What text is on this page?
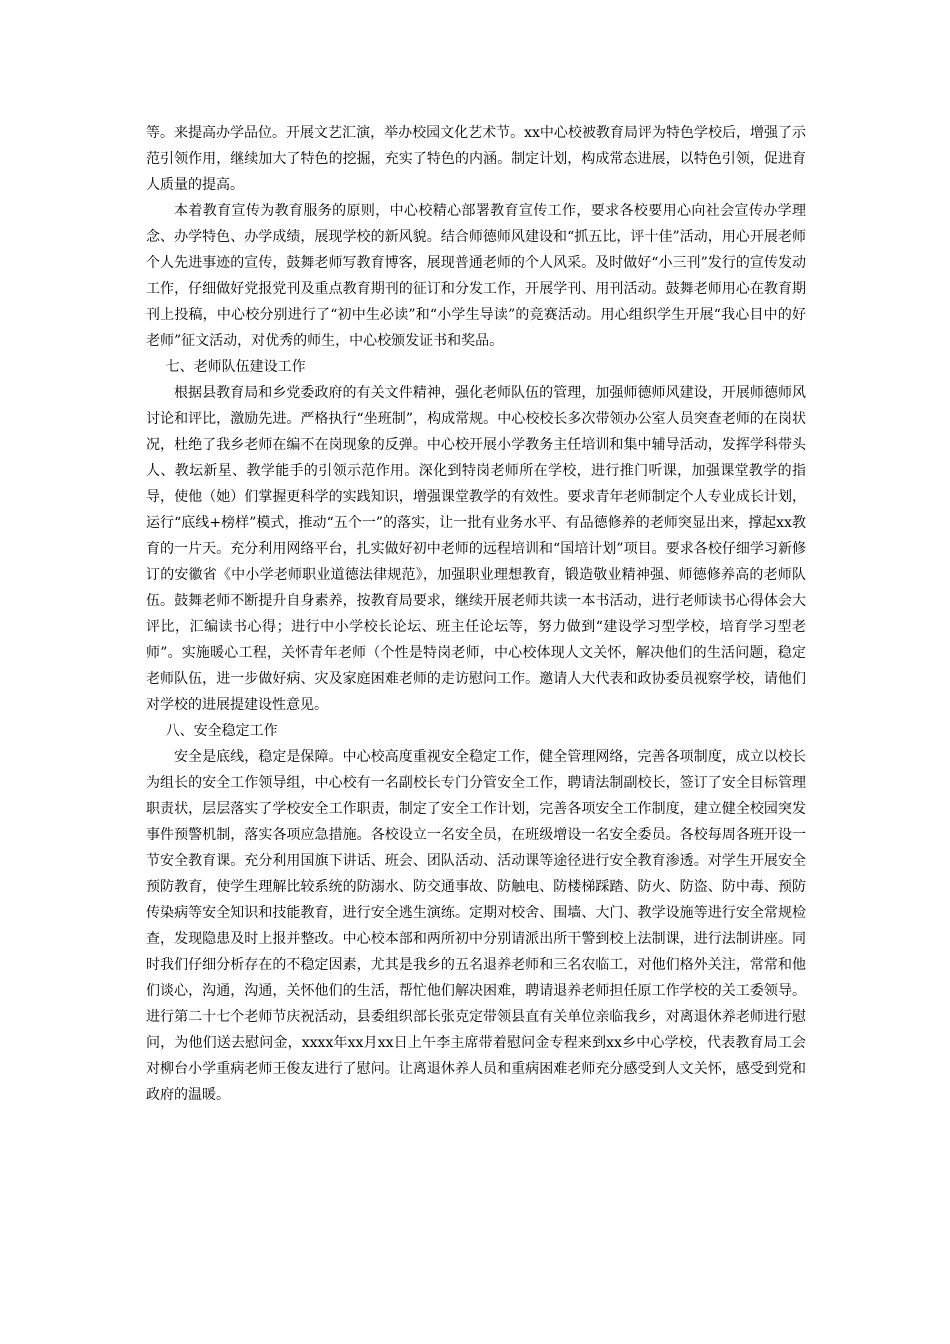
等。来提高办学品位。开展文艺汇演，举办校园文化艺术节。xx中心校被教育局评为特色学校后，增强了示范引领作用，继续加大了特色的挖掘，充实了特色的内涵。制定计划，构成常态进展，以特色引领，促进育人质量的提高。

本着教育宣传为教育服务的原则，中心校精心部署教育宣传工作，要求各校要用心向社会宣传办学理念、办学特色、办学成绩，展现学校的新风貌。结合师德师风建设和“抓五比，评十佳”活动，用心开展老师个人先进事迹的宣传，鼓舞老师写教育博客，展现普通老师的个人风采。及时做好“小三刊”发行的宣传发动工作，仔细做好党报党刊及重点教育期刊的征订和分发工作，开展学刊、用刊活动。鼓舞老师用心在教育期刊上投稿，中心校分别进行了“初中生必读”和“小学生导读”的竞赛活动。用心组织学生开展“我心目中的好老师”征文活动，对优秀的师生，中心校颁发证书和奖品。

七、老师队伍建设工作

根据县教育局和乡党委政府的有关文件精神，强化老师队伍的管理，加强师德师风建设，开展师德师风讨论和评比，激励先进。严格执行“坐班制”，构成常规。中心校校长多次带领办公室人员突查老师的在岗状况，杜绝了我乡老师在编不在岗现象的反弹。中心校开展小学教务主任培训和集中辅导活动，发挥学科带头人、教坛新星、教学能手的引领示范作用。深化到特岗老师所在学校，进行推门听课，加强课堂教学的指导，使他（她）们掌握更科学的实践知识，增强课堂教学的有效性。要求青年老师制定个人专业成长计划，运行“底线+榜样”模式，推动“五个一”的落实，让一批有业务水平、有品德修养的老师突显出来，撑起xx教育的一片天。充分利用网络平台，扎实做好初中老师的远程培训和“国培计划”项目。要求各校仔细学习新修订的安徽省《中小学老师职业道德法律规范》，加强职业理想教育，锻造敬业精神强、师德修养高的老师队伍。鼓舞老师不断提升自身素养，按教育局要求，继续开展老师共读一本书活动，进行老师读书心得体会大评比，汇编读书心得；进行中小学校长论坛、班主任论坛等，努力做到“建设学习型学校，培育学习型老师”。实施暖心工程，关怀青年老师（个性是特岗老师，中心校体现人文关怀，解决他们的生活问题，稳定老师队伍，进一步做好病、灾及家庭困难老师的走访慰问工作。邀请人大代表和政协委员视察学校，请他们对学校的进展提建设性意见。

八、安全稳定工作

安全是底线，稳定是保障。中心校高度重视安全稳定工作，健全管理网络，完善各项制度，成立以校长为组长的安全工作领导组，中心校有一名副校长专门分管安全工作，聘请法制副校长，签订了安全目标管理职责状，层层落实了学校安全工作职责，制定了安全工作计划，完善各项安全工作制度，建立健全校园突发事件预警机制，落实各项应急措施。各校设立一名安全员，在班级增设一名安全委员。各校每周各班开设一节安全教育课。充分利用国旗下讲话、班会、团队活动、活动课等途径进行安全教育渗透。对学生开展安全预防教育，使学生理解比较系统的防溺水、防交通事故、防触电、防楼梯踩踏、防火、防盗、防中毒、预防传染病等安全知识和技能教育，进行安全逃生演练。定期对校舍、围墙、大门、教学设施等进行安全常规检查，发现隐患及时上报并整改。中心校本部和两所初中分别请派出所干警到校上法制课，进行法制讲座。同时我们仔细分析存在的不稳定因素，尤其是我乡的五名退养老师和三名农临工，对他们格外关注，常常和他们谈心，沟通，沟通，关怀他们的生活，帮忙他们解决困难，聘请退养老师担任原工作学校的关工委领导。进行第二十七个老师节庆祝活动，县委组织部长张克定带领县直有关单位亲临我乡，对离退休养老师进行慰问，为他们送去慰问金，xxxx年xx月xx日上午李主席带着慰问金专程来到xx乡中心学校，代表教育局工会对柳台小学重病老师王俊友进行了慰问。让离退休养人员和重病困难老师充分感受到人文关怀，感受到党和政府的温暖。
